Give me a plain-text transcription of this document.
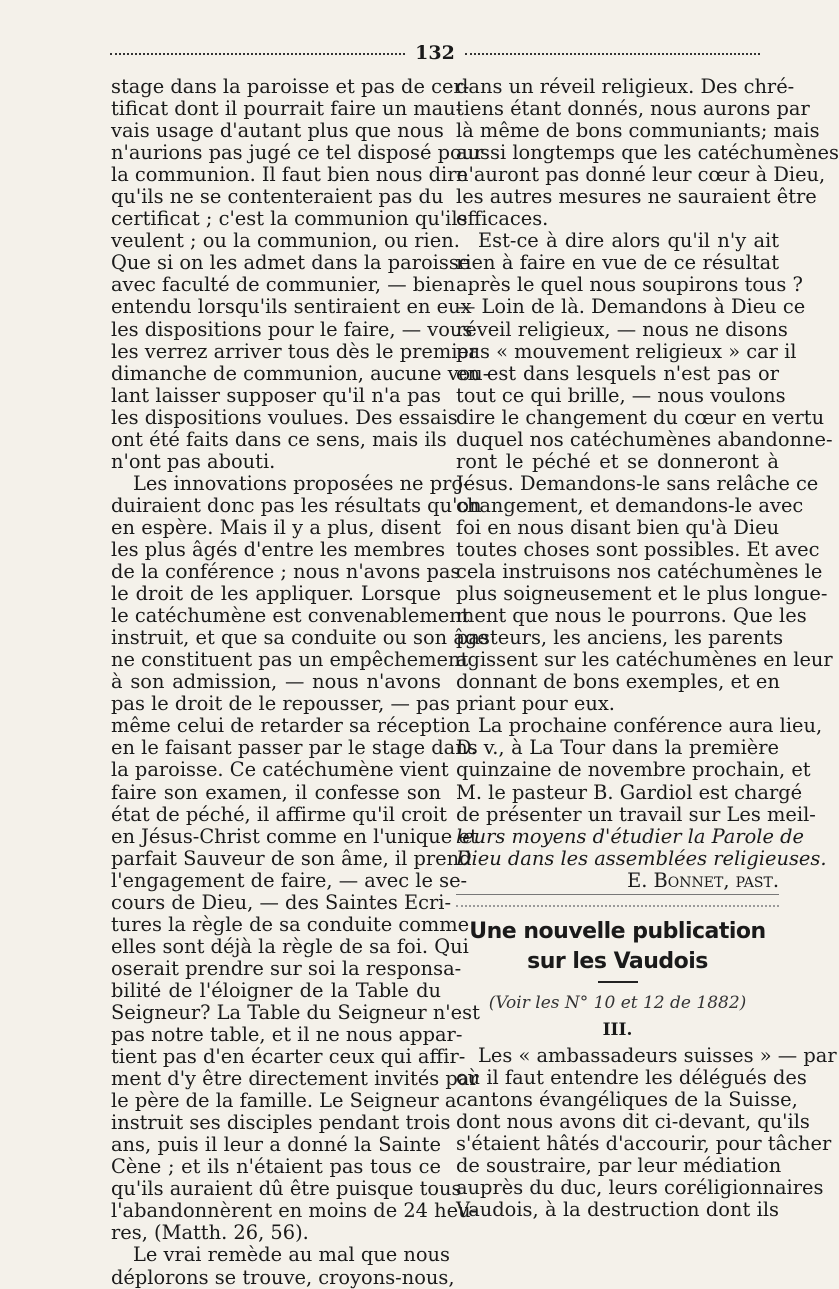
132
stage dans la paroisse et pas de cer-
tificat dont il pourrait faire un mau-
vais usage d'autant plus que nous
n'aurions pas jugé ce tel disposé pour
la communion. Il faut bien nous dire
qu'ils ne se contenteraient pas du
certificat ; c'est la communion qu'ils
veulent ; ou la communion, ou rien.
Que si on les admet dans la paroisse
avec faculté de communier, — bien
entendu lorsqu'ils sentiraient en eux
les dispositions pour le faire, — vous
les verrez arriver tous dès le premier
dimanche de communion, aucune vou-
lant laisser supposer qu'il n'a pas
les dispositions voulues. Des essais
ont été faits dans ce sens, mais ils
n'ont pas abouti.
Les innovations proposées ne pro-
duiraient donc pas les résultats qu'on
en espère. Mais il y a plus, disent
les plus âgés d'entre les membres
de la conférence ; nous n'avons pas
le droit de les appliquer. Lorsque
le catéchumène est convenablement
instruit, et que sa conduite ou son âge
ne constituent pas un empêchement
à son admission, — nous n'avons
pas le droit de le repousser, — pas
même celui de retarder sa réception
en le faisant passer par le stage dans
la paroisse. Ce catéchumène vient
faire son examen, il confesse son
état de péché, il affirme qu'il croit
en Jésus-Christ comme en l'unique et
parfait Sauveur de son âme, il prend
l'engagement de faire, — avec le se-
cours de Dieu, — des Saintes Ecri-
tures la règle de sa conduite comme
elles sont déjà la règle de sa foi. Qui
oserait prendre sur soi la responsa-
bilité de l'éloigner de la Table du
Seigneur? La Table du Seigneur n'est
pas notre table, et il ne nous appar-
tient pas d'en écarter ceux qui affir-
ment d'y être directement invités par
le père de la famille. Le Seigneur a
instruit ses disciples pendant trois
ans, puis il leur a donné la Sainte
Cène ; et ils n'étaient pas tous ce
qu'ils auraient dû être puisque tous
l'abandonnèrent en moins de 24 heu-
res, (Matth. 26, 56).
Le vrai remède au mal que nous
déplorons se trouve, croyons-nous,
dans un réveil religieux. Des chré-
tiens étant donnés, nous aurons par
là même de bons communiants; mais
aussi longtemps que les catéchumènes
n'auront pas donné leur cœur à Dieu,
les autres mesures ne sauraient être
efficaces.
Est-ce à dire alors qu'il n'y ait
rien à faire en vue de ce résultat
après le quel nous soupirons tous ?
— Loin de là. Demandons à Dieu ce
réveil religieux, — nous ne disons
pas « mouvement religieux » car il
en est dans lesquels n'est pas or
tout ce qui brille, — nous voulons
dire le changement du cœur en vertu
duquel nos catéchumènes abandonne-
ront le péché et se donneront à
Jésus. Demandons-le sans relâche ce
changement, et demandons-le avec
foi en nous disant bien qu'à Dieu
toutes choses sont possibles. Et avec
cela instruisons nos catéchumènes le
plus soigneusement et le plus longue-
ment que nous le pourrons. Que les
pasteurs, les anciens, les parents
agissent sur les catéchumènes en leur
donnant de bons exemples, et en
priant pour eux.
La prochaine conférence aura lieu,
D. v., à La Tour dans la première
quinzaine de novembre prochain, et
M. le pasteur B. Gardiol est chargé
de présenter un travail sur Les meil-
leurs moyens d'étudier la Parole de
Dieu dans les assemblées religieuses.
E. Bonnet, past.
Une nouvelle publication
sur les Vaudois
(Voir les N° 10 et 12 de 1882)
III.
Les « ambassadeurs suisses » — par
où il faut entendre les délégués des
cantons évangéliques de la Suisse,
dont nous avons dit ci-devant, qu'ils
s'étaient hâtés d'accourir, pour tâcher
de soustraire, par leur médiation
auprès du duc, leurs coréligionnaires
Vaudois, à la destruction dont ils
